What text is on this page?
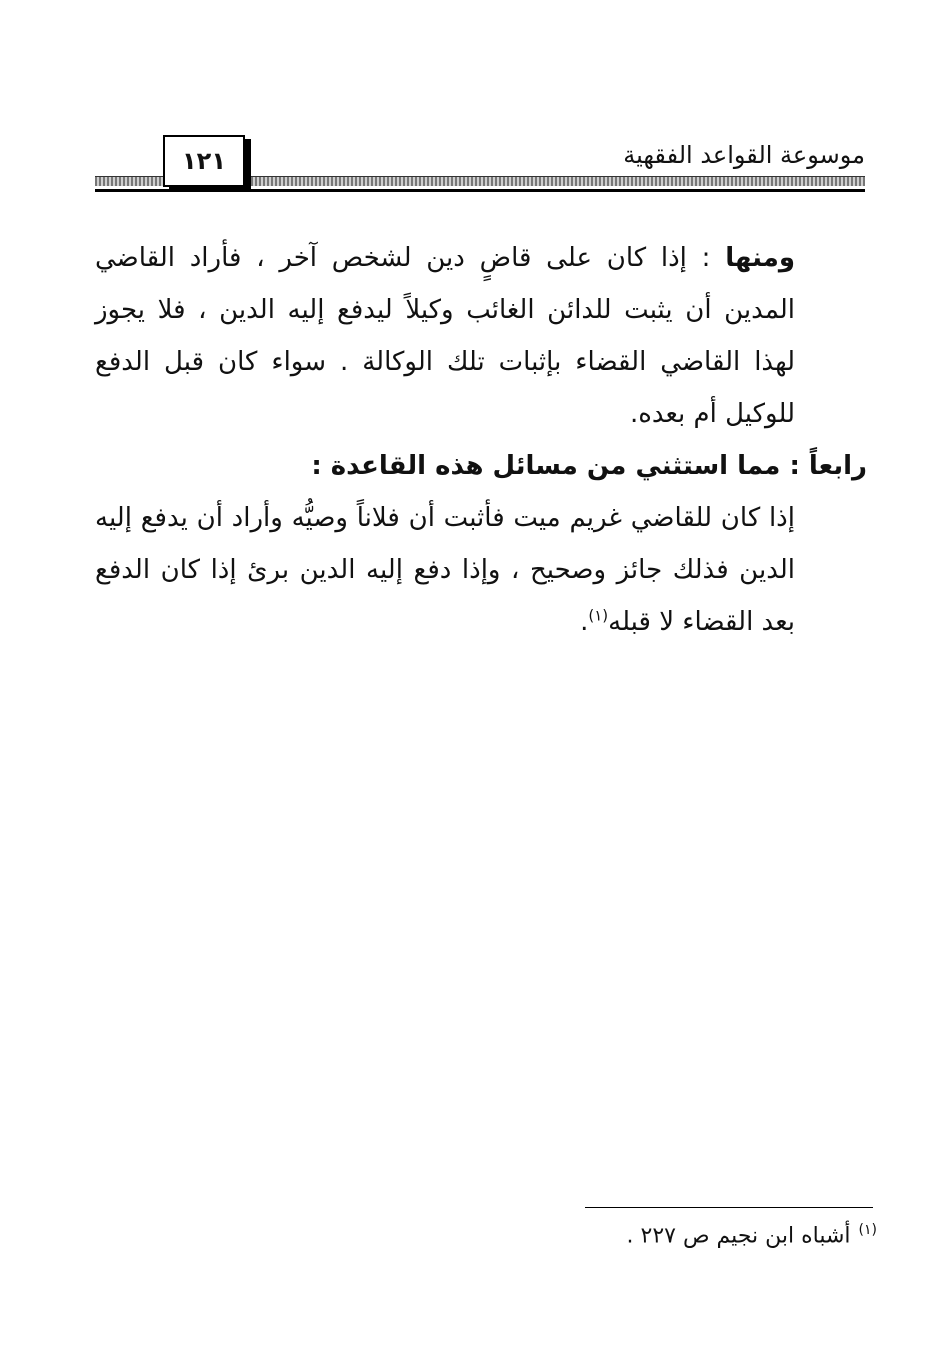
١٢١	موسوعة القواعد الفقهية

ومنها : إذا كان على قاضٍ دين لشخص آخر ، فأراد القاضي المدين أن يثبت للدائن الغائب وكيلاً ليدفع إليه الدين ، فلا يجوز لهذا القاضي القضاء بإثبات تلك الوكالة . سواء كان قبل الدفع للوكيل أم بعده.

رابعاً : مما استثني من مسائل هذه القاعدة :

إذا كان للقاضي غريم ميت فأثبت أن فلاناً وصيُّه وأراد أن يدفع إليه الدين فذلك جائز وصحيح ، وإذا دفع إليه الدين برئ إذا كان الدفع بعد القضاء لا قبله$^{(١)}$.

$^{(١)}$أشباه ابن نجيم ص ٢٢٧ .
